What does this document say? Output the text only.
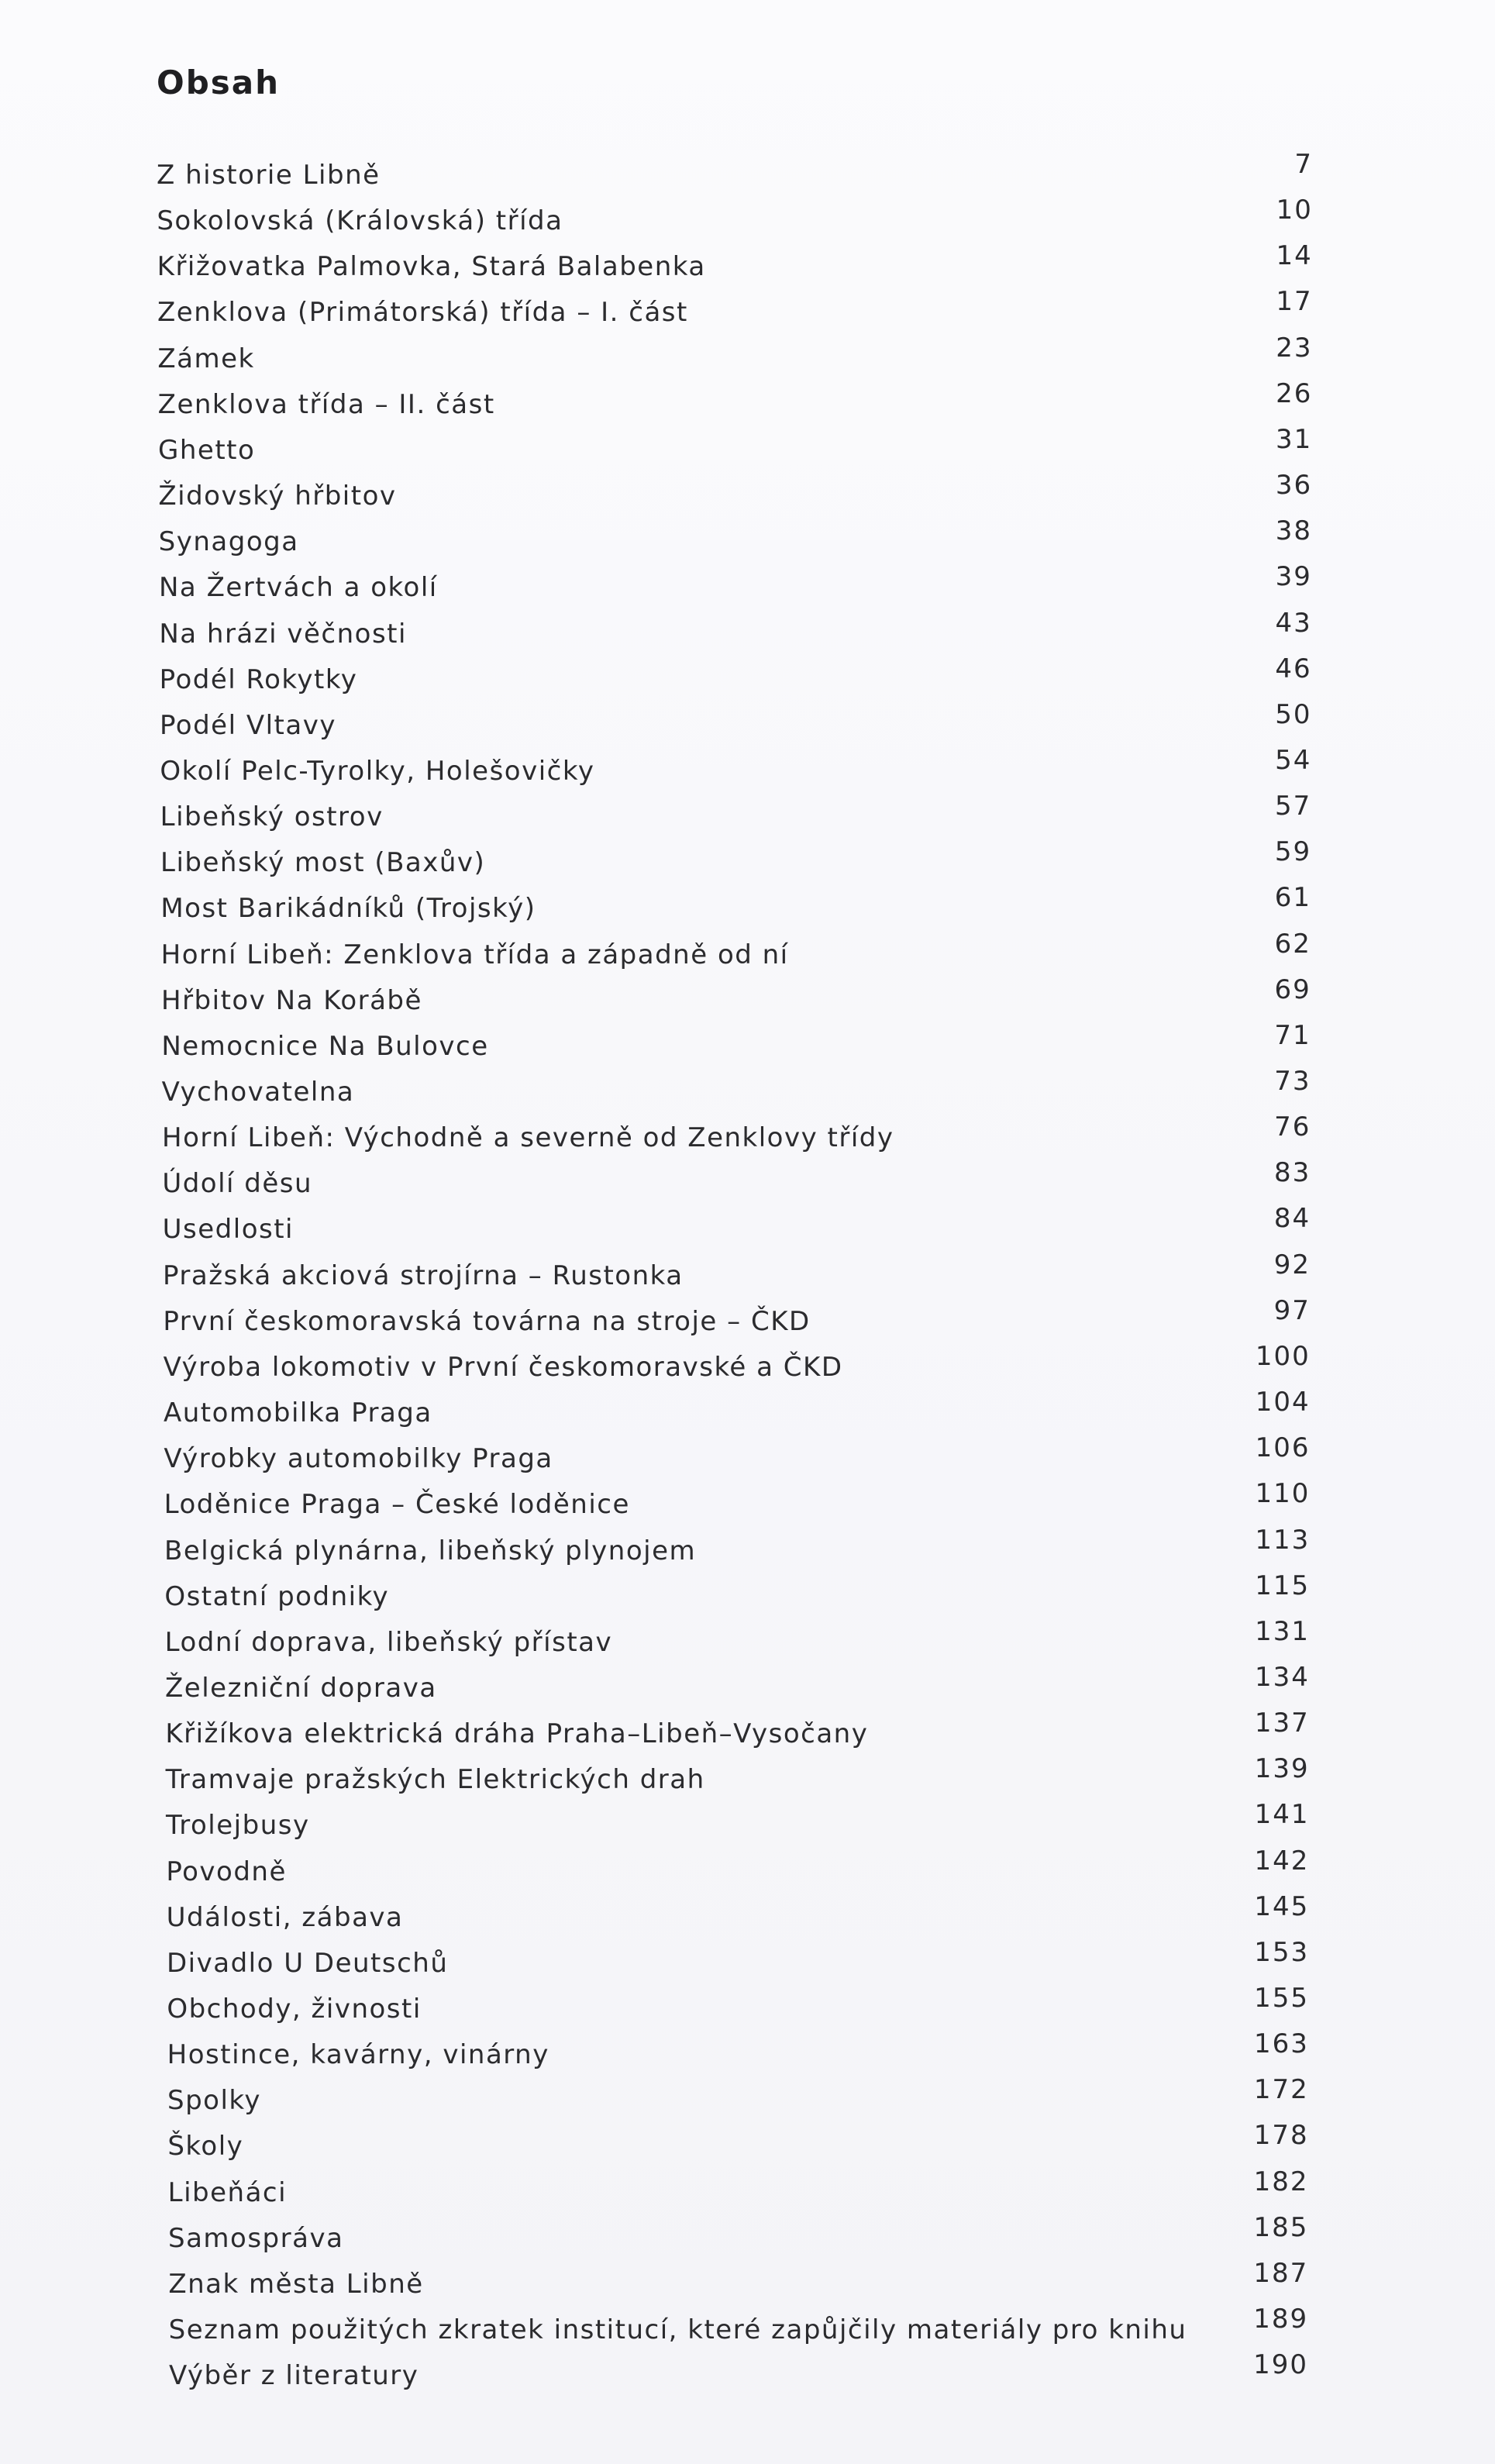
Obsah
Z historie Libně	7
Sokolovská (Královská) třída	10
Křižovatka Palmovka, Stará Balabenka	14
Zenklova (Primátorská) třída – I. část	17
Zámek	23
Zenklova třída – II. část	26
Ghetto	31
Židovský hřbitov	36
Synagoga	38
Na Žertvách a okolí	39
Na hrázi věčnosti	43
Podél Rokytky	46
Podél Vltavy	50
Okolí Pelc-Tyrolky, Holešovičky	54
Libeňský ostrov	57
Libeňský most (Baxův)	59
Most Barikádníků (Trojský)	61
Horní Libeň: Zenklova třída a západně od ní	62
Hřbitov Na Korábě	69
Nemocnice Na Bulovce	71
Vychovatelna	73
Horní Libeň: Východně a severně od Zenklovy třídy	76
Údolí děsu	83
Usedlosti	84
Pražská akciová strojírna – Rustonka	92
První českomoravská továrna na stroje – ČKD	97
Výroba lokomotiv v První českomoravské a ČKD	100
Automobilka Praga	104
Výrobky automobilky Praga	106
Loděnice Praga – České loděnice	110
Belgická plynárna, libeňský plynojem	113
Ostatní podniky	115
Lodní doprava, libeňský přístav	131
Železniční doprava	134
Křižíkova elektrická dráha Praha–Libeň–Vysočany	137
Tramvaje pražských Elektrických drah	139
Trolejbusy	141
Povodně	142
Události, zábava	145
Divadlo U Deutschů	153
Obchody, živnosti	155
Hostince, kavárny, vinárny	163
Spolky	172
Školy	178
Libeňáci	182
Samospráva	185
Znak města Libně	187
Seznam použitých zkratek institucí, které zapůjčily materiály pro knihu	189
Výběr z literatury	190
